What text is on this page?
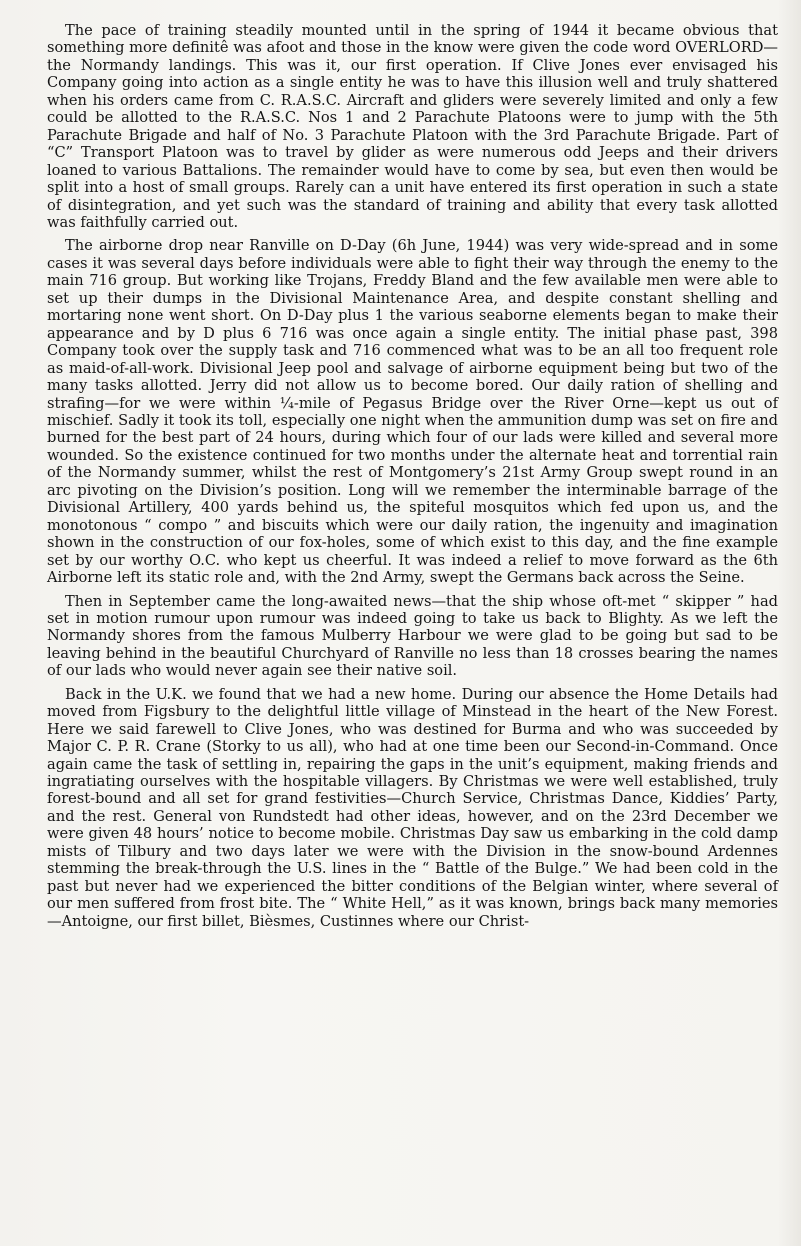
The pace of training steadily mounted until in the spring of 1944 it became obvious that something more definitê was afoot and those in the know were given the code word OVERLORD—the Normandy landings. This was it, our first operation. If Clive Jones ever envisaged his Company going into action as a single entity he was to have this illusion well and truly shattered when his orders came from C. R.A.S.C. Aircraft and gliders were severely limited and only a few could be allotted to the R.A.S.C. Nos 1 and 2 Parachute Platoons were to jump with the 5th Parachute Brigade and half of No. 3 Parachute Platoon with the 3rd Parachute Brigade. Part of “C” Transport Platoon was to travel by glider as were numerous odd Jeeps and their drivers loaned to various Battalions. The remainder would have to come by sea, but even then would be split into a host of small groups. Rarely can a unit have entered its first operation in such a state of disintegration, and yet such was the standard of training and ability that every task allotted was faithfully carried out.

The airborne drop near Ranville on D-Day (6h June, 1944) was very wide-spread and in some cases it was several days before individuals were able to fight their way through the enemy to the main 716 group. But working like Trojans, Freddy Bland and the few available men were able to set up their dumps in the Divisional Maintenance Area, and despite constant shelling and mortaring none went short. On D-Day plus 1 the various seaborne elements began to make their appearance and by D plus 6 716 was once again a single entity. The initial phase past, 398 Company took over the supply task and 716 commenced what was to be an all too frequent role as maid-of-all-work. Divisional Jeep pool and salvage of airborne equipment being but two of the many tasks allotted. Jerry did not allow us to become bored. Our daily ration of shelling and strafing—for we were within ¼-mile of Pegasus Bridge over the River Orne—kept us out of mischief. Sadly it took its toll, especially one night when the ammunition dump was set on fire and burned for the best part of 24 hours, during which four of our lads were killed and several more wounded. So the existence continued for two months under the alternate heat and torrential rain of the Normandy summer, whilst the rest of Montgomery’s 21st Army Group swept round in an arc pivoting on the Division’s position. Long will we remember the interminable barrage of the Divisional Artillery, 400 yards behind us, the spiteful mosquitos which fed upon us, and the monotonous “ compo ” and biscuits which were our daily ration, the ingenuity and imagination shown in the construction of our fox-holes, some of which exist to this day, and the fine example set by our worthy O.C. who kept us cheerful. It was indeed a relief to move forward as the 6th Airborne left its static role and, with the 2nd Army, swept the Germans back across the Seine.

Then in September came the long-awaited news—that the ship whose oft-met “ skipper ” had set in motion rumour upon rumour was indeed going to take us back to Blighty. As we left the Normandy shores from the famous Mulberry Harbour we were glad to be going but sad to be leaving behind in the beautiful Churchyard of Ranville no less than 18 crosses bearing the names of our lads who would never again see their native soil.

Back in the U.K. we found that we had a new home. During our absence the Home Details had moved from Figsbury to the delightful little village of Minstead in the heart of the New Forest. Here we said farewell to Clive Jones, who was destined for Burma and who was succeeded by Major C. P. R. Crane (Storky to us all), who had at one time been our Second-in-Command. Once again came the task of settling in, repairing the gaps in the unit’s equipment, making friends and ingratiating ourselves with the hospitable villagers. By Christmas we were well established, truly forest-bound and all set for grand festivities—Church Service, Christmas Dance, Kiddies’ Party, and the rest. General von Rundstedt had other ideas, however, and on the 23rd December we were given 48 hours’ notice to become mobile. Christmas Day saw us embarking in the cold damp mists of Tilbury and two days later we were with the Division in the snow-bound Ardennes stemming the break-through the U.S. lines in the “ Battle of the Bulge.” We had been cold in the past but never had we experienced the bitter conditions of the Belgian winter, where several of our men suffered from frost bite. The “ White Hell,” as it was known, brings back many memories—Antoigne, our first billet, Bièsmes, Custinnes where our Christ-
